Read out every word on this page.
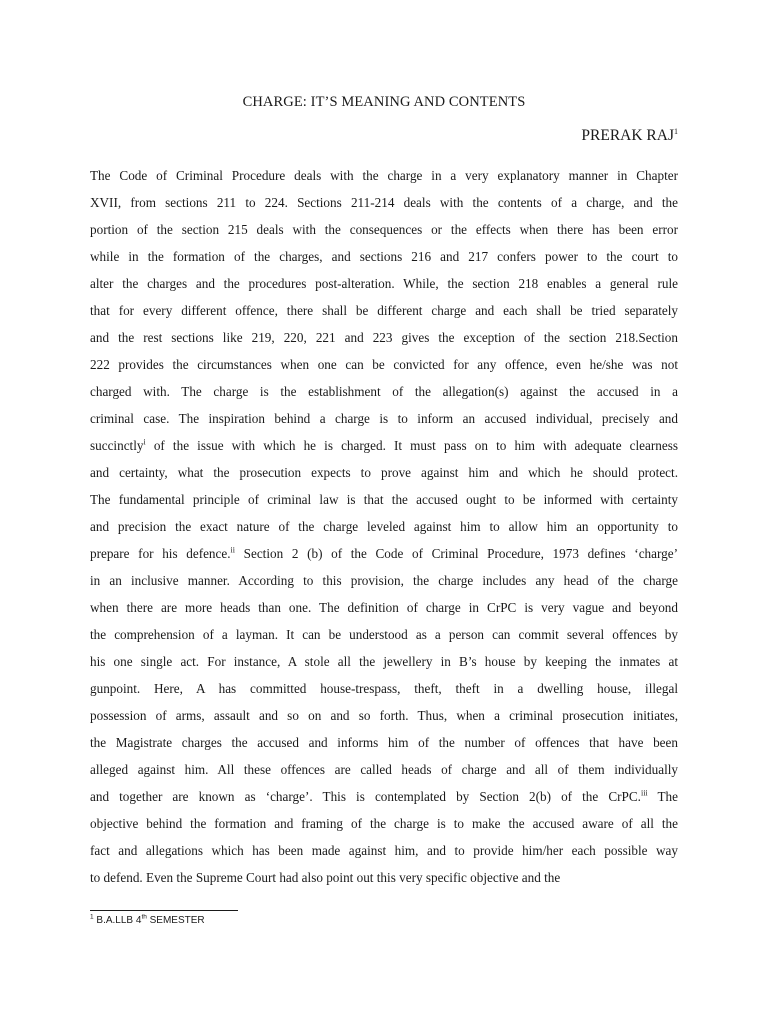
CHARGE: IT’S MEANING AND CONTENTS
PRERAK RAJ$^1$
The Code of Criminal Procedure deals with the charge in a very explanatory manner in Chapter
XVII, from sections 211 to 224. Sections 211-214 deals with the contents of a charge, and the
portion of the section 215 deals with the consequences or the effects when there has been error
while in the formation of the charges, and sections 216 and 217 confers power to the court to
alter the charges and the procedures post-alteration. While, the section 218 enables a general rule
that for every different offence, there shall be different charge and each shall be tried separately
and the rest sections like 219, 220, 221 and 223 gives the exception of the section 218.Section
222 provides the circumstances when one can be convicted for any offence, even he/she was not
charged with. The charge is the establishment of the allegation(s) against the accused in a
criminal case. The inspiration behind a charge is to inform an accused individual, precisely and
succinctly$^i$ of the issue with which he is charged. It must pass on to him with adequate clearness
and certainty, what the prosecution expects to prove against him and which he should protect.
The fundamental principle of criminal law is that the accused ought to be informed with certainty
and precision the exact nature of the charge leveled against him to allow him an opportunity to
prepare for his defence.$^{ii}$ Section 2 (b) of the Code of Criminal Procedure, 1973 defines ‘charge’
in an inclusive manner. According to this provision, the charge includes any head of the charge
when there are more heads than one. The definition of charge in CrPC is very vague and beyond
the comprehension of a layman. It can be understood as a person can commit several offences by
his one single act. For instance, A stole all the jewellery in B’s house by keeping the inmates at
gunpoint. Here, A has committed house-trespass, theft, theft in a dwelling house, illegal
possession of arms, assault and so on and so forth. Thus, when a criminal prosecution initiates,
the Magistrate charges the accused and informs him of the number of offences that have been
alleged against him. All these offences are called heads of charge and all of them individually
and together are known as ‘charge’. This is contemplated by Section 2(b) of the CrPC.$^{iii}$ The
objective behind the formation and framing of the charge is to make the accused aware of all the
fact and allegations which has been made against him, and to provide him/her each possible way
to defend. Even the Supreme Court had also point out this very specific objective and the
$^1$ B.A.LLB 4th SEMESTER
